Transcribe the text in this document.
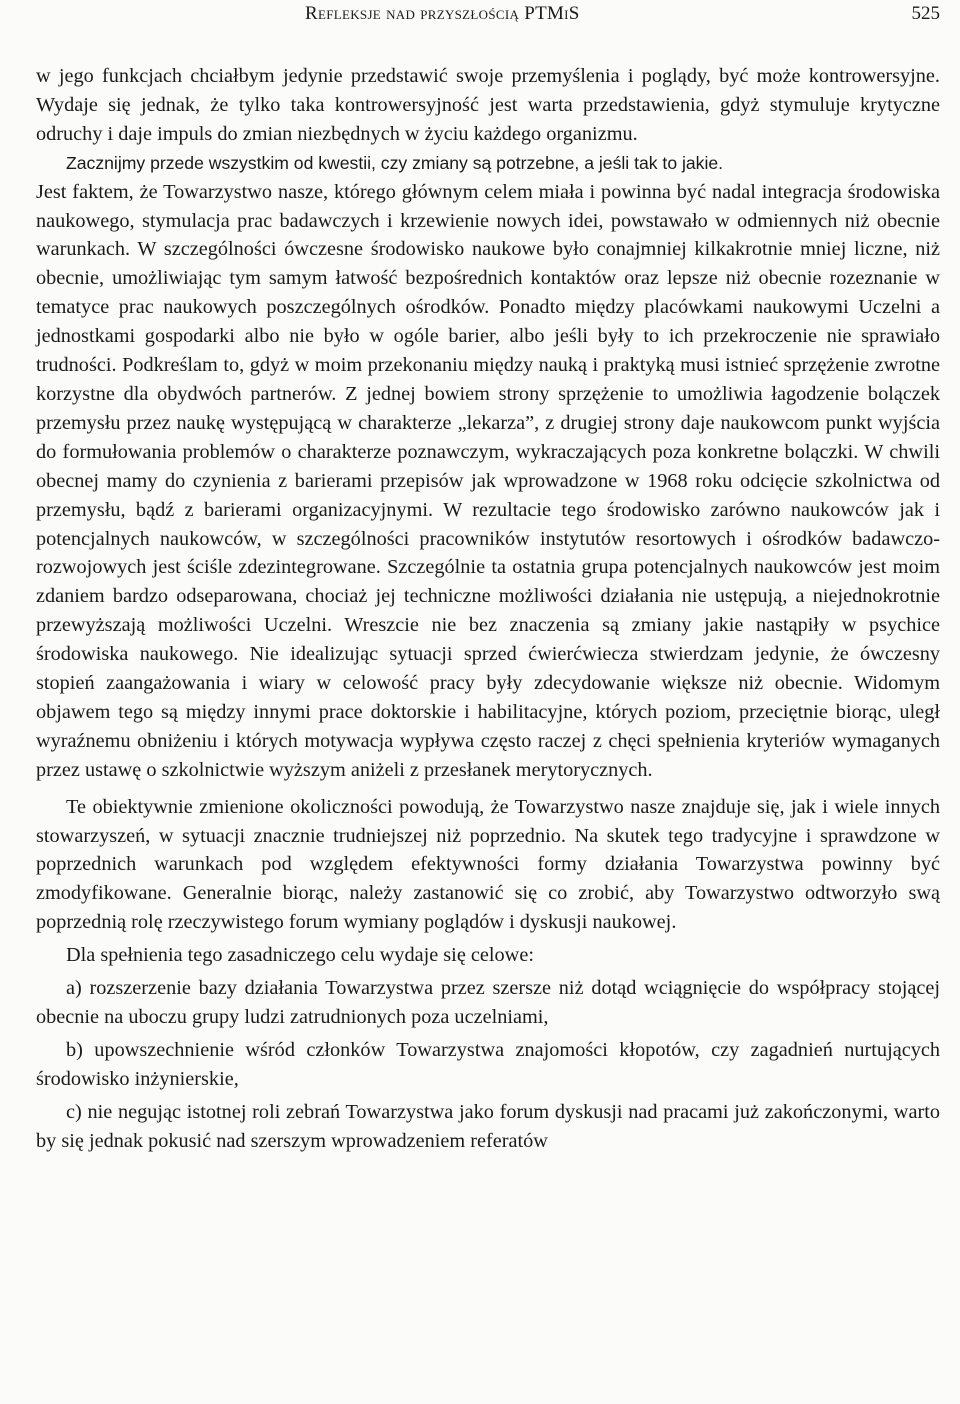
Refleksje nad przyszłością PTMiS	525

w jego funkcjach chciałbym jedynie przedstawić swoje przemyślenia i poglądy, być może kontrowersyjne. Wydaje się jednak, że tylko taka kontrowersyjność jest warta przedstawienia, gdyż stymuluje krytyczne odruchy i daje impuls do zmian niezbędnych w życiu każdego organizmu.

Zacznijmy przede wszystkim od kwestii, czy zmiany są potrzebne, a jeśli tak to jakie.

Jest faktem, że Towarzystwo nasze, którego głównym celem miała i powinna być nadal integracja środowiska naukowego, stymulacja prac badawczych i krzewienie nowych idei, powstawało w odmiennych niż obecnie warunkach. W szczególności ówczesne środowisko naukowe było conajmniej kilkakrotnie mniej liczne, niż obecnie, umożliwiając tym samym łatwość bezpośrednich kontaktów oraz lepsze niż obecnie rozeznanie w tematyce prac naukowych poszczególnych ośrodków. Ponadto między placówkami naukowymi Uczelni a jednostkami gospodarki albo nie było w ogóle barier, albo jeśli były to ich przekroczenie nie sprawiało trudności. Podkreślam to, gdyż w moim przekonaniu między nauką i praktyką musi istnieć sprzężenie zwrotne korzystne dla obydwóch partnerów. Z jednej bowiem strony sprzężenie to umożliwia łagodzenie bolączek przemysłu przez naukę występującą w charakterze „lekarza”, z drugiej strony daje naukowcom punkt wyjścia do formułowania problemów o charakterze poznawczym, wykraczających poza konkretne bolączki. W chwili obecnej mamy do czynienia z barierami przepisów jak wprowadzone w 1968 roku odcięcie szkolnictwa od przemysłu, bądź z barierami organizacyjnymi. W rezultacie tego środowisko zarówno naukowców jak i potencjalnych naukowców, w szczególności pracowników instytutów resortowych i ośrodków badawczo-rozwojowych jest ściśle zdezintegrowane. Szczególnie ta ostatnia grupa potencjalnych naukowców jest moim zdaniem bardzo odseparowana, chociaż jej techniczne możliwości działania nie ustępują, a niejednokrotnie przewyższają możliwości Uczelni. Wreszcie nie bez znaczenia są zmiany jakie nastąpiły w psychice środowiska naukowego. Nie idealizując sytuacji sprzed ćwierćwiecza stwierdzam jedynie, że ówczesny stopień zaangażowania i wiary w celowość pracy były zdecydowanie większe niż obecnie. Widomym objawem tego są między innymi prace doktorskie i habilitacyjne, których poziom, przeciętnie biorąc, uległ wyraźnemu obniżeniu i których motywacja wypływa często raczej z chęci spełnienia kryteriów wymaganych przez ustawę o szkolnictwie wyższym aniżeli z przesłanek merytorycznych.

Te obiektywnie zmienione okoliczności powodują, że Towarzystwo nasze znajduje się, jak i wiele innych stowarzyszeń, w sytuacji znacznie trudniejszej niż poprzednio. Na skutek tego tradycyjne i sprawdzone w poprzednich warunkach pod względem efektywności formy działania Towarzystwa powinny być zmodyfikowane. Generalnie biorąc, należy zastanowić się co zrobić, aby Towarzystwo odtworzyło swą poprzednią rolę rzeczywistego forum wymiany poglądów i dyskusji naukowej.

Dla spełnienia tego zasadniczego celu wydaje się celowe:

a) rozszerzenie bazy działania Towarzystwa przez szersze niż dotąd wciągnięcie do współpracy stojącej obecnie na uboczu grupy ludzi zatrudnionych poza uczelniami,

b) upowszechnienie wśród członków Towarzystwa znajomości kłopotów, czy zagadnień nurtujących środowisko inżynierskie,

c) nie negując istotnej roli zebrań Towarzystwa jako forum dyskusji nad pracami już zakończonymi, warto by się jednak pokusić nad szerszym wprowadzeniem referatów
